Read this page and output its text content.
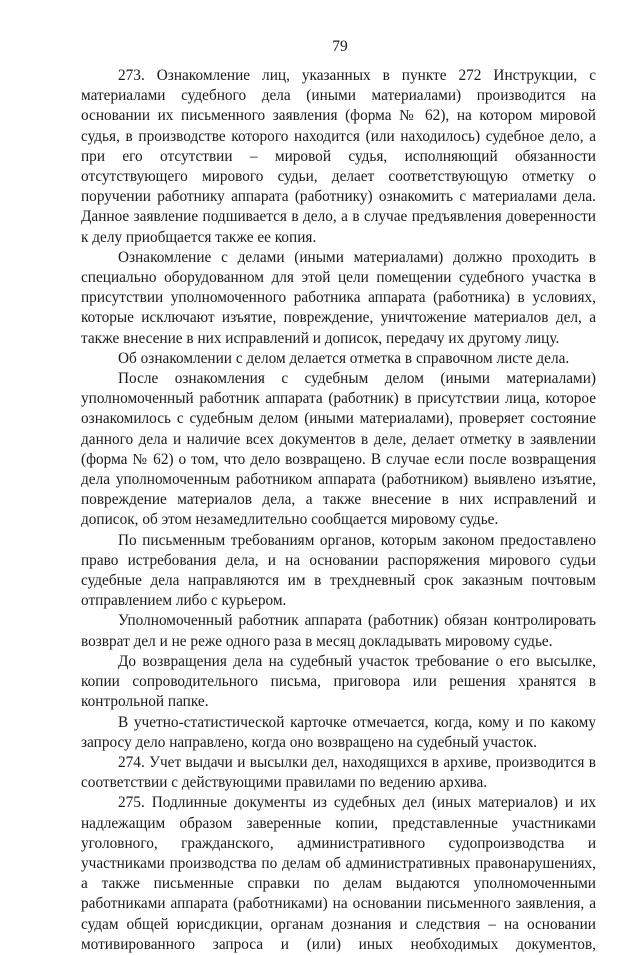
79

273. Ознакомление лиц, указанных в пункте 272 Инструкции, с материалами судебного дела (иными материалами) производится на основании их письменного заявления (форма № 62), на котором мировой судья, в производстве которого находится (или находилось) судебное дело, а при его отсутствии – мировой судья, исполняющий обязанности отсутствующего мирового судьи, делает соответствующую отметку о поручении работнику аппарата (работнику) ознакомить с материалами дела. Данное заявление подшивается в дело, а в случае предъявления доверенности к делу приобщается также ее копия.

Ознакомление с делами (иными материалами) должно проходить в специально оборудованном для этой цели помещении судебного участка в присутствии уполномоченного работника аппарата (работника) в условиях, которые исключают изъятие, повреждение, уничтожение материалов дел, а также внесение в них исправлений и дописок, передачу их другому лицу.

Об ознакомлении с делом делается отметка в справочном листе дела.

После ознакомления с судебным делом (иными материалами) уполномоченный работник аппарата (работник) в присутствии лица, которое ознакомилось с судебным делом (иными материалами), проверяет состояние данного дела и наличие всех документов в деле, делает отметку в заявлении (форма № 62) о том, что дело возвращено. В случае если после возвращения дела уполномоченным работником аппарата (работником) выявлено изъятие, повреждение материалов дела, а также внесение в них исправлений и дописок, об этом незамедлительно сообщается мировому судье.

По письменным требованиям органов, которым законом предоставлено право истребования дела, и на основании распоряжения мирового судьи судебные дела направляются им в трехдневный срок заказным почтовым отправлением либо с курьером.

Уполномоченный работник аппарата (работник) обязан контролировать возврат дел и не реже одного раза в месяц докладывать мировому судье.

До возвращения дела на судебный участок требование о его высылке, копии сопроводительного письма, приговора или решения хранятся в контрольной папке.

В учетно-статистической карточке отмечается, когда, кому и по какому запросу дело направлено, когда оно возвращено на судебный участок.

274. Учет выдачи и высылки дел, находящихся в архиве, производится в соответствии с действующими правилами по ведению архива.

275. Подлинные документы из судебных дел (иных материалов) и их надлежащим образом заверенные копии, представленные участниками уголовного, гражданского, административного судопроизводства и участниками производства по делам об административных правонарушениях, а также письменные справки по делам выдаются уполномоченными работниками аппарата (работниками) на основании письменного заявления, а судам общей юрисдикции, органам дознания и следствия – на основании мотивированного запроса и (или) иных необходимых документов,
